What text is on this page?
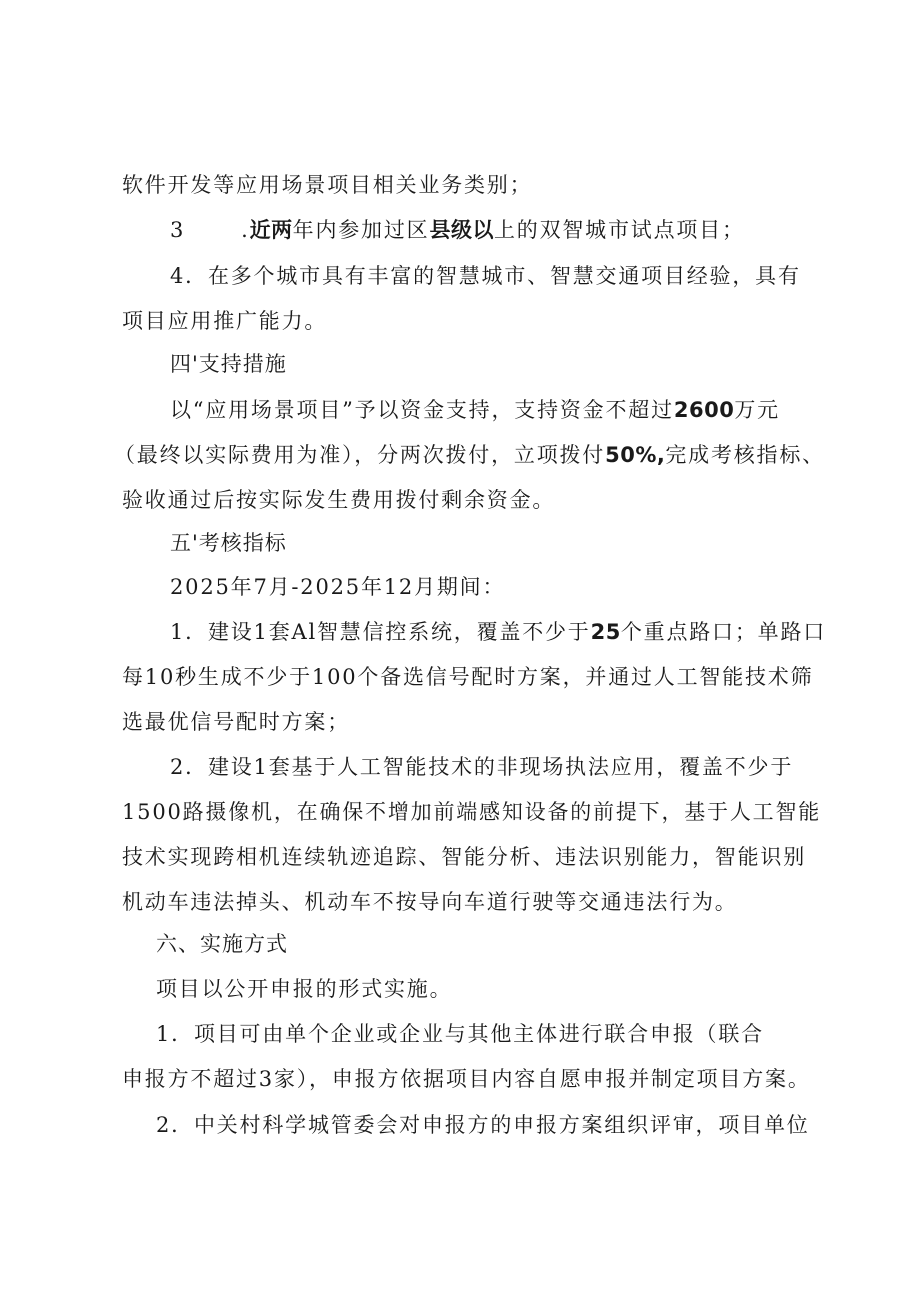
软件开发等应用场景项目相关业务类别；
3	.近两年内参加过区县级以上的双智城市试点项目；
4．在多个城市具有丰富的智慧城市、智慧交通项目经验，具有
项目应用推广能力。
四'支持措施
以“应用场景项目”予以资金支持，支持资金不超过2600万元
（最终以实际费用为准），分两次拨付，立项拨付50%,完成考核指标、
验收通过后按实际发生费用拨付剩余资金。
五'考核指标
2025年7月-2025年12月期间：
1．建设1套Al智慧信控系统，覆盖不少于25个重点路口；单路口
每10秒生成不少于100个备选信号配时方案，并通过人工智能技术筛
选最优信号配时方案；
2．建设1套基于人工智能技术的非现场执法应用，覆盖不少于
1500路摄像机，在确保不增加前端感知设备的前提下，基于人工智能
技术实现跨相机连续轨迹追踪、智能分析、违法识别能力，智能识别
机动车违法掉头、机动车不按导向车道行驶等交通违法行为。
六、实施方式
项目以公开申报的形式实施。
1．项目可由单个企业或企业与其他主体进行联合申报（联合
申报方不超过3家），申报方依据项目内容自愿申报并制定项目方案。
2．中关村科学城管委会对申报方的申报方案组织评审，项目单位
